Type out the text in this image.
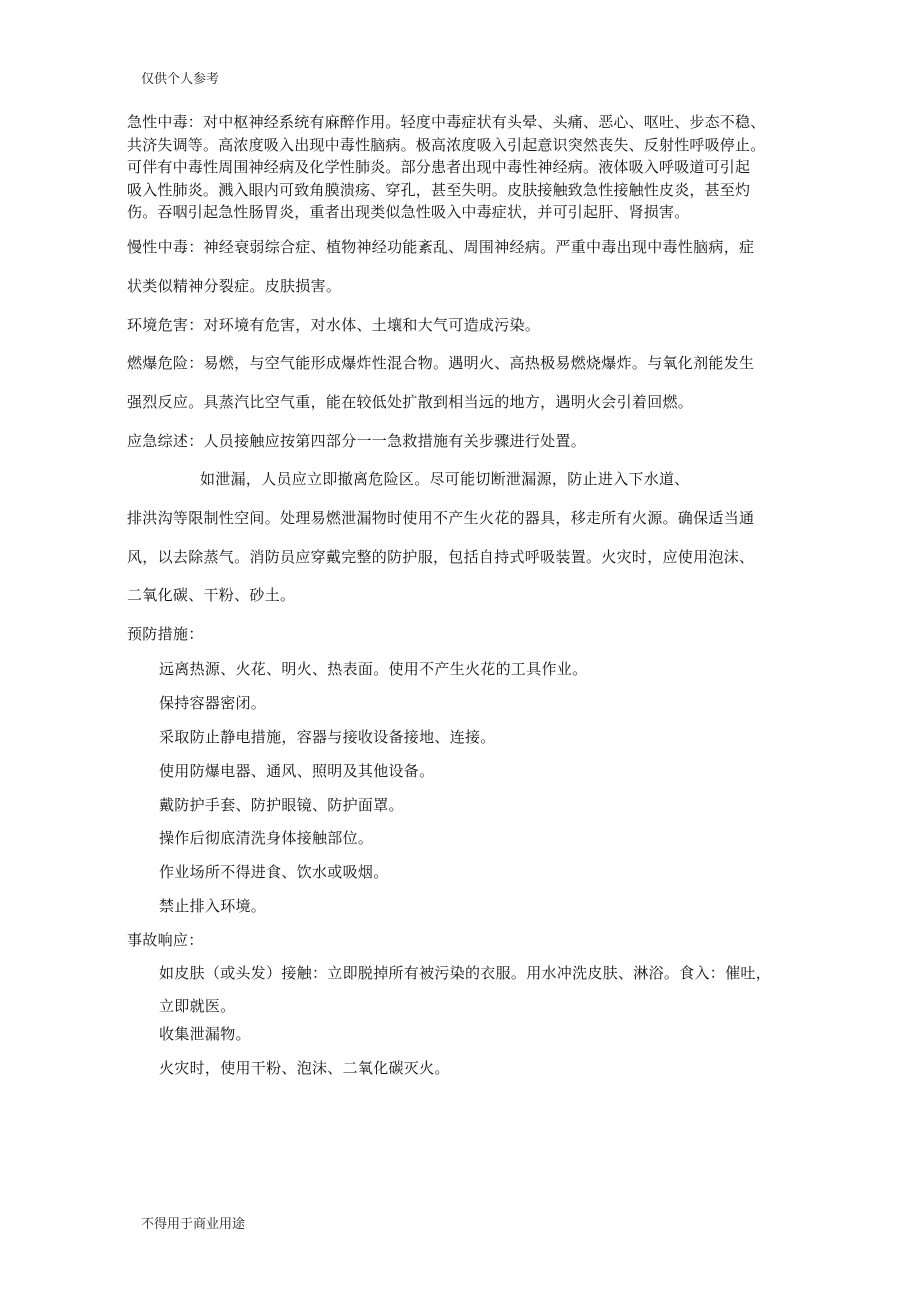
仅供个人参考

急性中毒：对中枢神经系统有麻醉作用。轻度中毒症状有头晕、头痛、恶心、呕吐、步态不稳、

共济失调等。高浓度吸入出现中毒性脑病。极高浓度吸入引起意识突然丧失、反射性呼吸停止。

可伴有中毒性周围神经病及化学性肺炎。部分患者出现中毒性神经病。液体吸入呼吸道可引起

吸入性肺炎。溅入眼内可致角膜溃疡、穿孔，甚至失明。皮肤接触致急性接触性皮炎，甚至灼

伤。吞咽引起急性肠胃炎，重者出现类似急性吸入中毒症状，并可引起肝、肾损害。

慢性中毒：神经衰弱综合症、植物神经功能紊乱、周围神经病。严重中毒出现中毒性脑病，症
状类似精神分裂症。皮肤损害。
环境危害：对环境有危害，对水体、土壤和大气可造成污染。
燃爆危险：易燃，与空气能形成爆炸性混合物。遇明火、高热极易燃烧爆炸。与氧化剂能发生
强烈反应。具蒸汽比空气重，能在较低处扩散到相当远的地方，遇明火会引着回燃。
应急综述：人员接触应按第四部分一一急救措施有关步骤进行处置。
如泄漏，人员应立即撤离危险区。尽可能切断泄漏源，防止进入下水道、
排洪沟等限制性空间。处理易燃泄漏物时使用不产生火花的器具，移走所有火源。确保适当通
风，以去除蒸气。消防员应穿戴完整的防护服，包括自持式呼吸装置。火灾时，应使用泡沫、
二氧化碳、干粉、砂土。
预防措施：
远离热源、火花、明火、热表面。使用不产生火花的工具作业。
保持容器密闭。
采取防止静电措施，容器与接收设备接地、连接。
使用防爆电器、通风、照明及其他设备。
戴防护手套、防护眼镜、防护面罩。
操作后彻底清洗身体接触部位。
作业场所不得进食、饮水或吸烟。
禁止排入环境。
事故响应：
如皮肤（或头发）接触：立即脱掉所有被污染的衣服。用水冲洗皮肤、淋浴。食入：催吐，
立即就医。
收集泄漏物。
火灾时，使用干粉、泡沫、二氧化碳灭火。
不得用于商业用途
